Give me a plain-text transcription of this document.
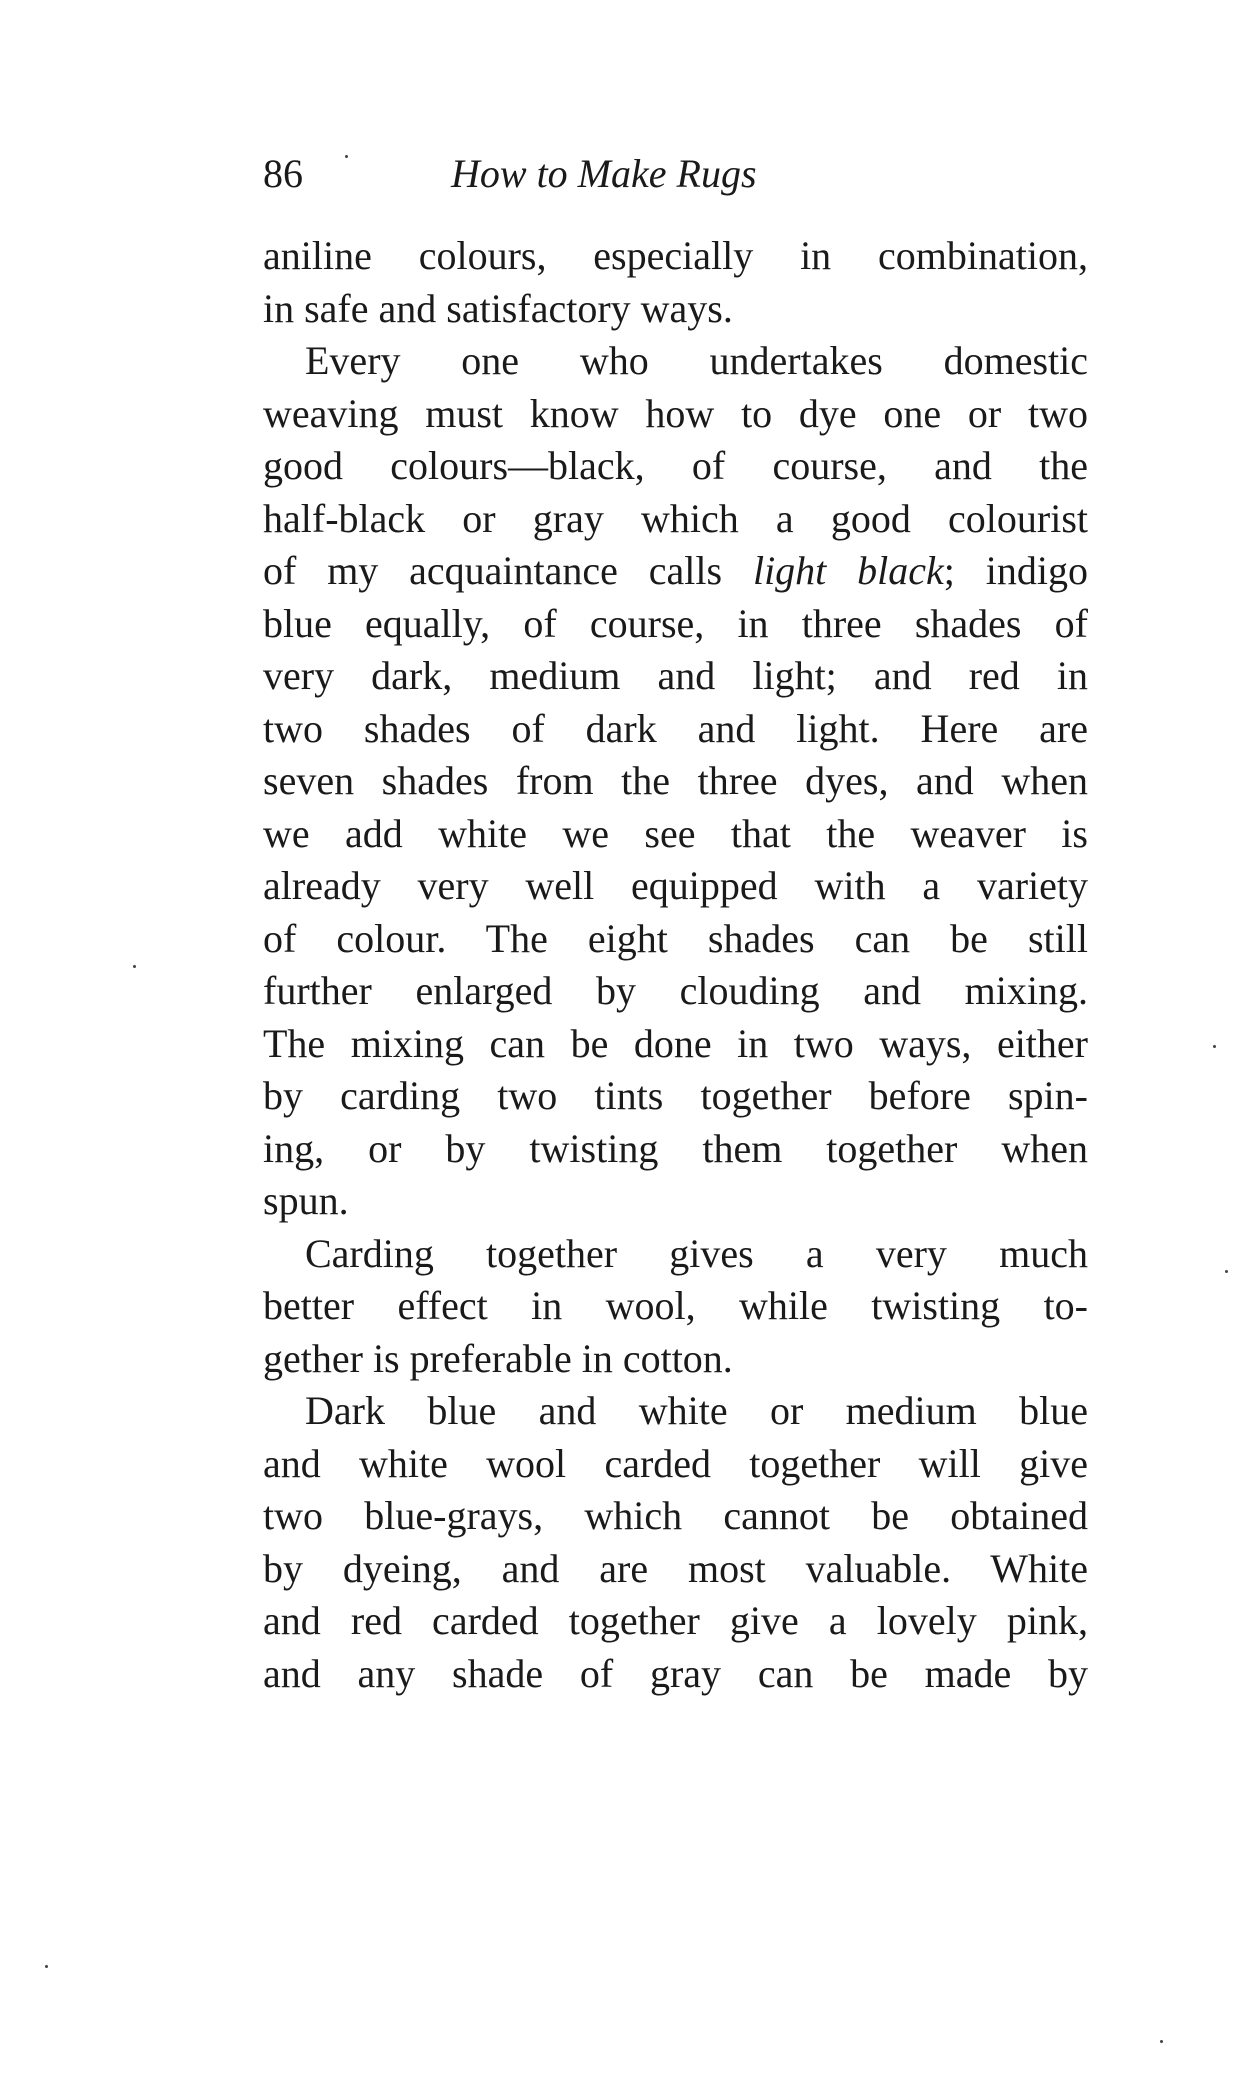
86	How to Make Rugs
aniline colours, especially in combination,
in safe and satisfactory ways.
Every one who undertakes domestic
weaving must know how to dye one or two
good colours—black, of course, and the
half-black or gray which a good colourist
of my acquaintance calls light black; indigo
blue equally, of course, in three shades of
very dark, medium and light; and red in
two shades of dark and light. Here are
seven shades from the three dyes, and when
we add white we see that the weaver is
already very well equipped with a variety
of colour. The eight shades can be still
further enlarged by clouding and mixing.
The mixing can be done in two ways, either
by carding two tints together before spin-
ing, or by twisting them together when
spun.
Carding together gives a very much
better effect in wool, while twisting to-
gether is preferable in cotton.
Dark blue and white or medium blue
and white wool carded together will give
two blue-grays, which cannot be obtained
by dyeing, and are most valuable. White
and red carded together give a lovely pink,
and any shade of gray can be made by
